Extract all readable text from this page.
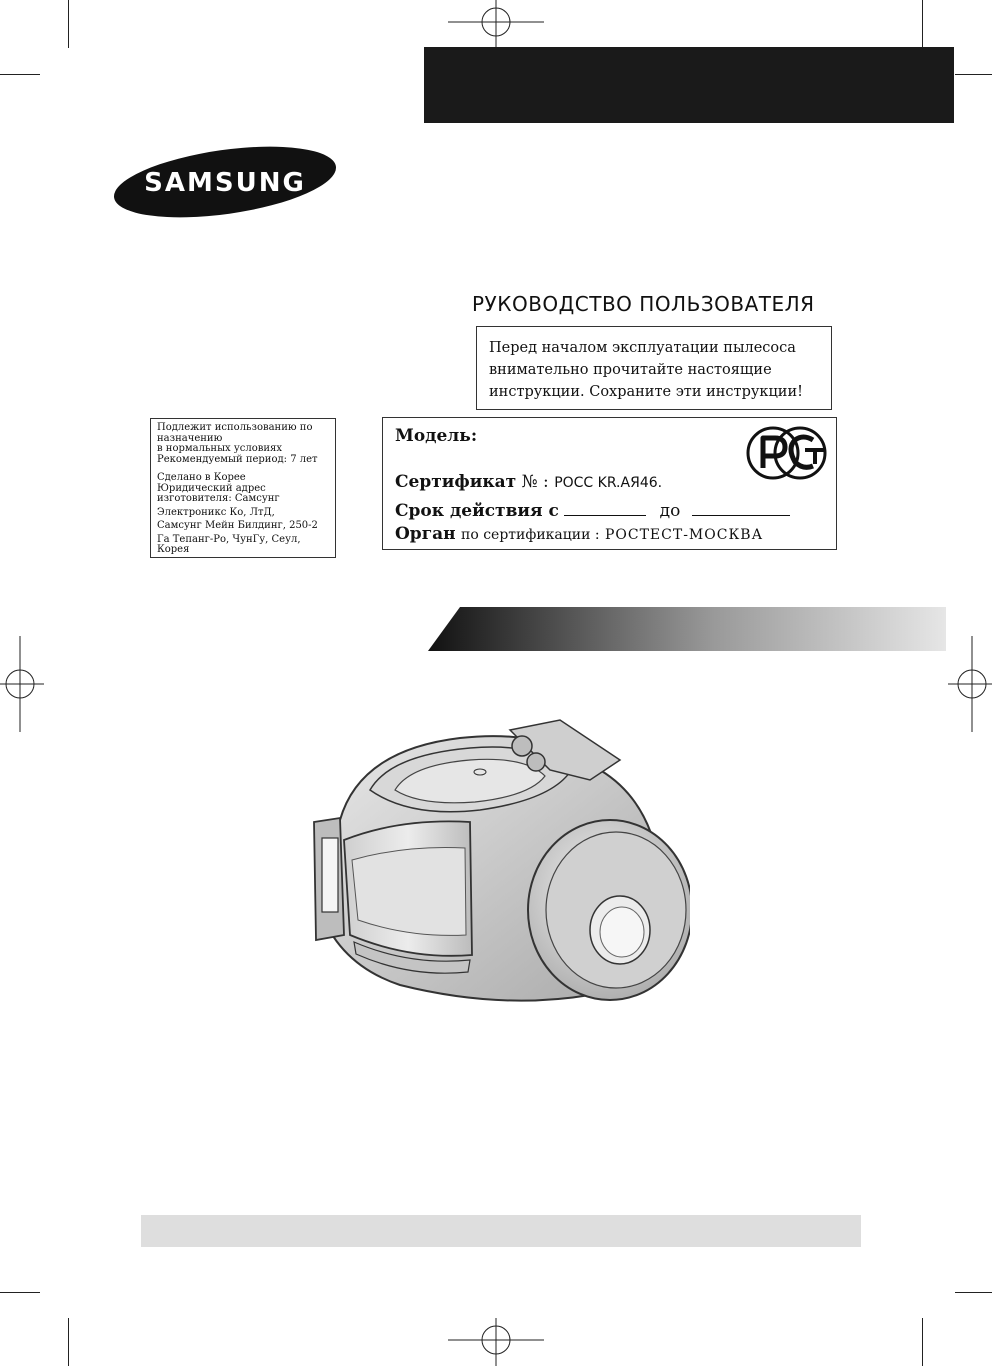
SAMSUNG
РУКОВОДСТВО ПОЛЬЗОВАТЕЛЯ
Перед началом эксплуатации пылесоса
внимательно прочитайте настоящие
инструкции. Сохраните эти инструкции!
Подлежит использованию по
назначению
в нормальных условиях
Рекомендуемый период: 7 лет
Сделано в Корее
Юридический адрес
изготовителя: Самсунг
Электроникс Ко, ЛтД,
Самсунг Мейн Билдинг, 250-2
Га Тепанг-Ро, ЧунГу, Сеул,
Корея
Модель:
Сертификат № : РОСС KR.АЯ46.
Срок действия с	до
Орган по сертификации : РОСТЕСТ-МОСКВА
